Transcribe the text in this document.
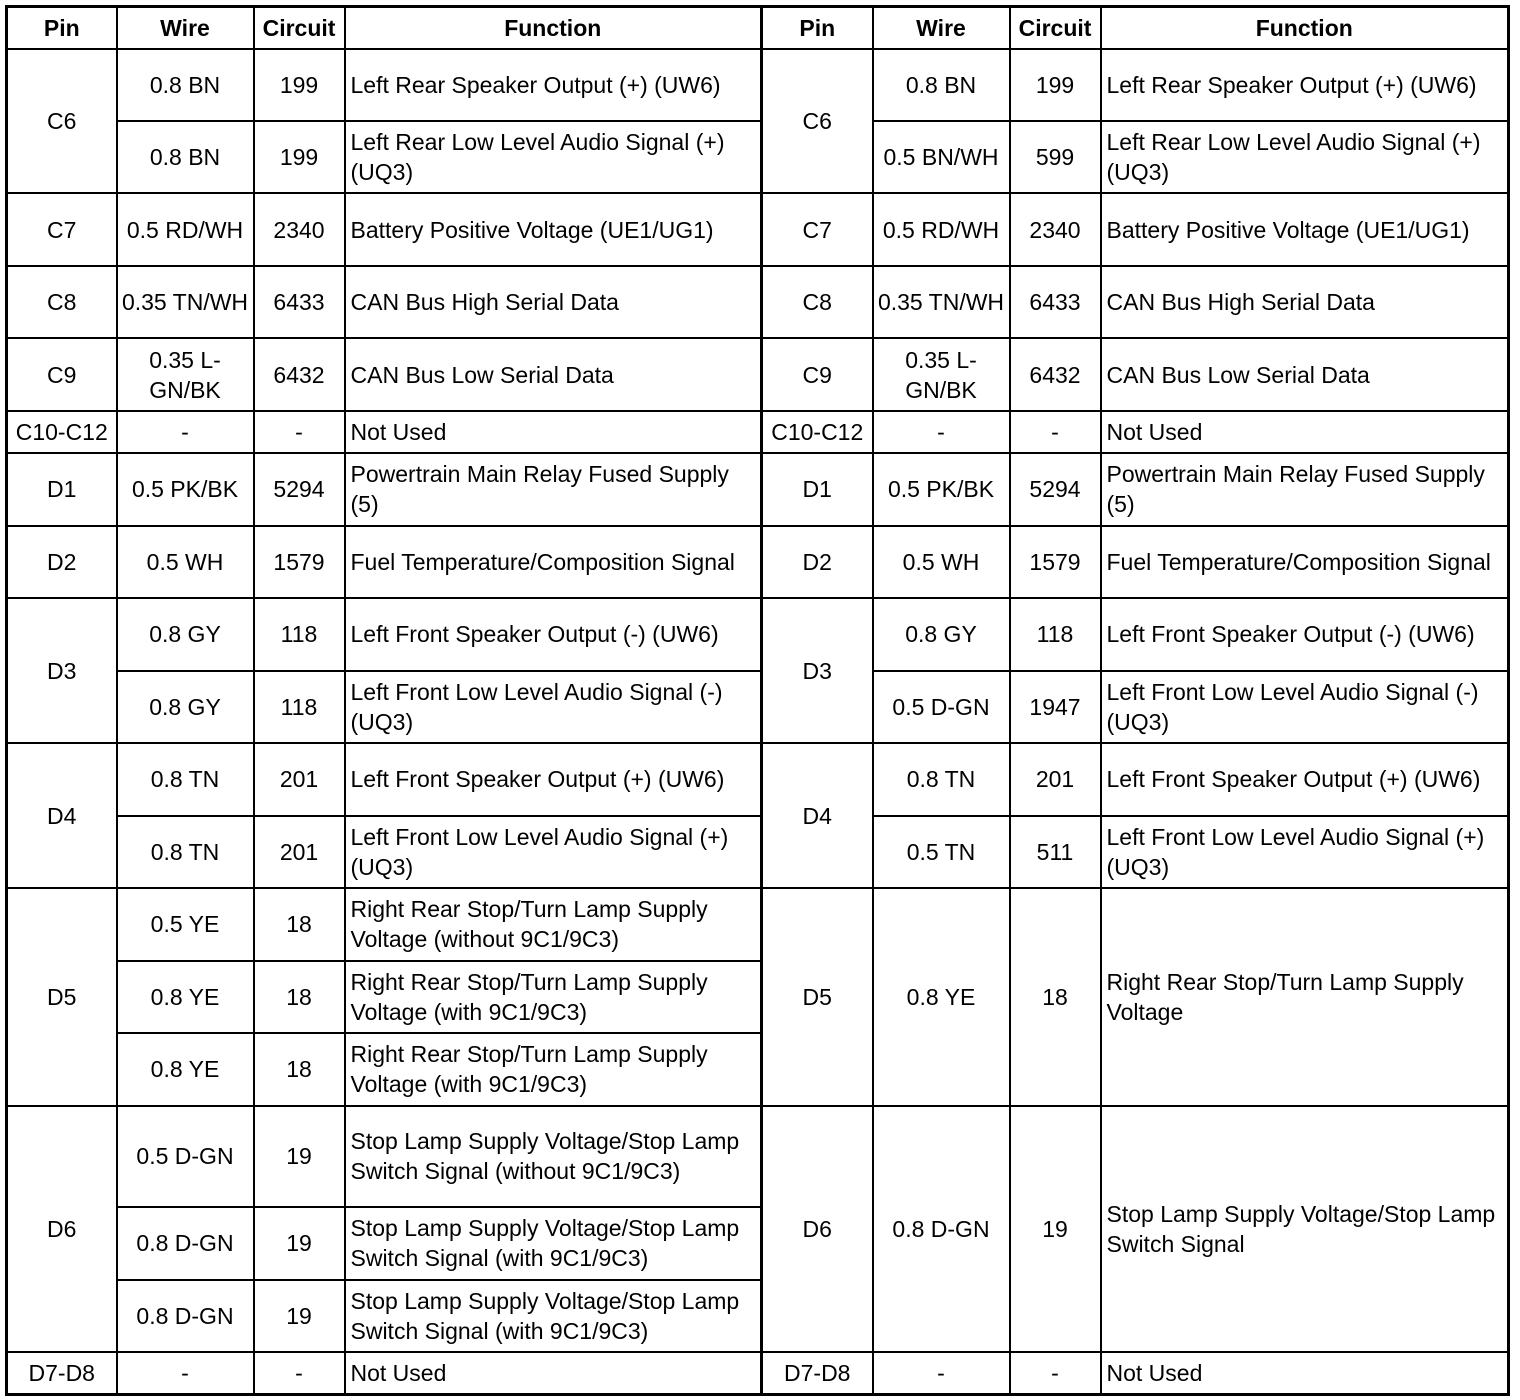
Pin	Wire	Circuit	Function	Pin	Wire	Circuit	Function
C6	0.8 BN	199	Left Rear Speaker Output (+) (UW6)	C6	0.8 BN	199	Left Rear Speaker Output (+) (UW6)
	0.8 BN	199	Left Rear Low Level Audio Signal (+) (UQ3)		0.5 BN/WH	599	Left Rear Low Level Audio Signal (+) (UQ3)
C7	0.5 RD/WH	2340	Battery Positive Voltage (UE1/UG1)	C7	0.5 RD/WH	2340	Battery Positive Voltage (UE1/UG1)
C8	0.35 TN/WH	6433	CAN Bus High Serial Data	C8	0.35 TN/WH	6433	CAN Bus High Serial Data
C9	0.35 L-GN/BK	6432	CAN Bus Low Serial Data	C9	0.35 L-GN/BK	6432	CAN Bus Low Serial Data
C10-C12	-	-	Not Used	C10-C12	-	-	Not Used
D1	0.5 PK/BK	5294	Powertrain Main Relay Fused Supply (5)	D1	0.5 PK/BK	5294	Powertrain Main Relay Fused Supply (5)
D2	0.5 WH	1579	Fuel Temperature/Composition Signal	D2	0.5 WH	1579	Fuel Temperature/Composition Signal
D3	0.8 GY	118	Left Front Speaker Output (-) (UW6)	D3	0.8 GY	118	Left Front Speaker Output (-) (UW6)
	0.8 GY	118	Left Front Low Level Audio Signal (-) (UQ3)		0.5 D-GN	1947	Left Front Low Level Audio Signal (-) (UQ3)
D4	0.8 TN	201	Left Front Speaker Output (+) (UW6)	D4	0.8 TN	201	Left Front Speaker Output (+) (UW6)
	0.8 TN	201	Left Front Low Level Audio Signal (+) (UQ3)		0.5 TN	511	Left Front Low Level Audio Signal (+) (UQ3)
D5	0.5 YE	18	Right Rear Stop/Turn Lamp Supply Voltage (without 9C1/9C3)	D5	0.8 YE	18	Right Rear Stop/Turn Lamp Supply Voltage
	0.8 YE	18	Right Rear Stop/Turn Lamp Supply Voltage (with 9C1/9C3)				
	0.8 YE	18	Right Rear Stop/Turn Lamp Supply Voltage (with 9C1/9C3)				
D6	0.5 D-GN	19	Stop Lamp Supply Voltage/Stop Lamp Switch Signal (without 9C1/9C3)	D6	0.8 D-GN	19	Stop Lamp Supply Voltage/Stop Lamp Switch Signal
	0.8 D-GN	19	Stop Lamp Supply Voltage/Stop Lamp Switch Signal (with 9C1/9C3)				
	0.8 D-GN	19	Stop Lamp Supply Voltage/Stop Lamp Switch Signal (with 9C1/9C3)				
D7-D8	-	-	Not Used	D7-D8	-	-	Not Used
